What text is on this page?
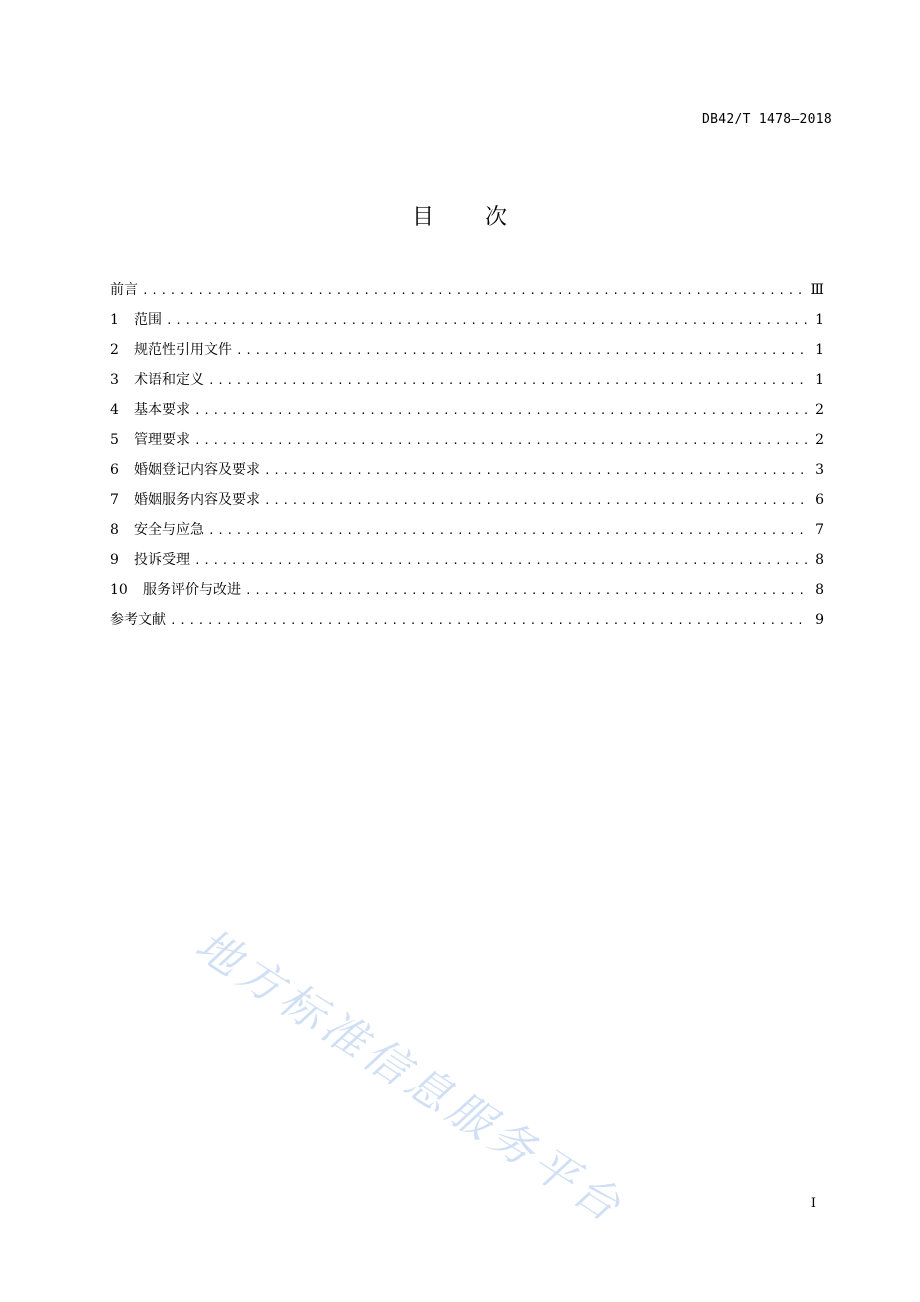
DB42/T 1478—2018
目 次
前言 .....	Ⅲ
1	范围 .....	1
2	规范性引用文件 .....	1
3	术语和定义 .....	1
4	基本要求 .....	2
5	管理要求 .....	2
6	婚姻登记内容及要求 .....	3
7	婚姻服务内容及要求 .....	6
8	安全与应急 .....	7
9	投诉受理 .....	8
10	服务评价与改进 .....	8
参考文献 .....	9
地方标准信息服务平台	I
